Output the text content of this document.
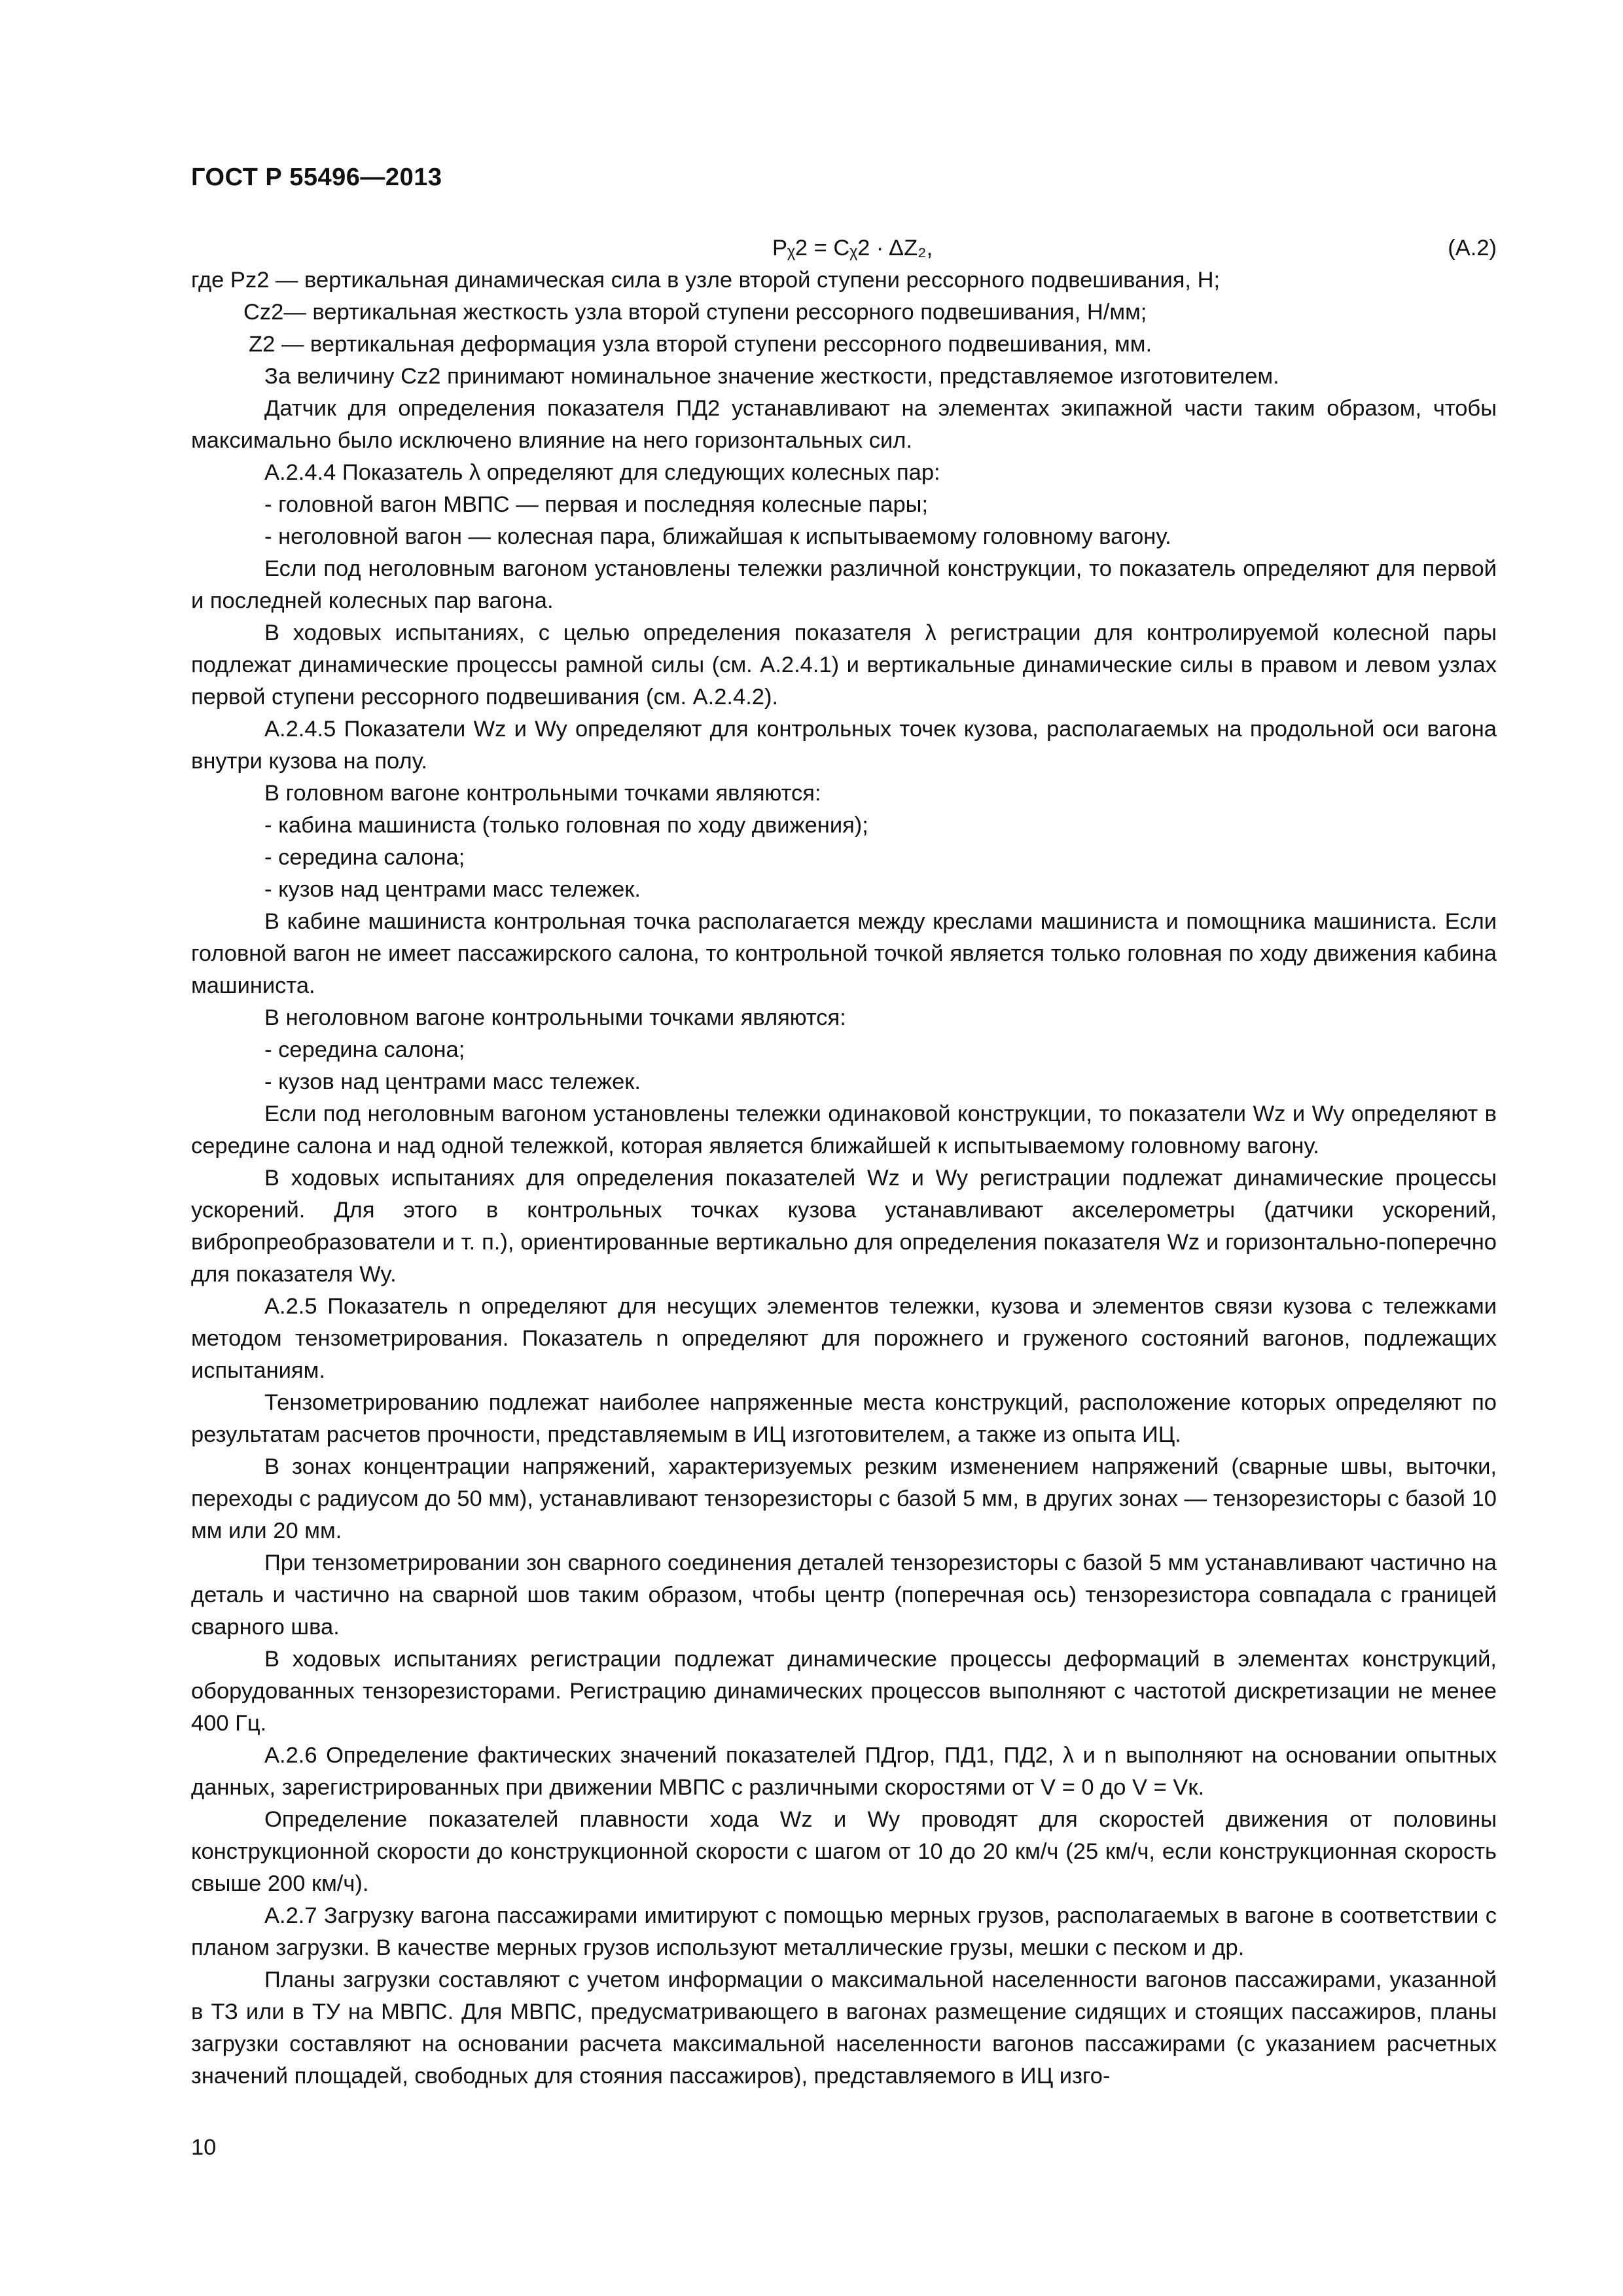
ГОСТ Р 55496—2013
Pᵪ2 = Cᵪ2 · ΔZ₂,	(А.2)
где Pz2 — вертикальная динамическая сила в узле второй ступени рессорного подвешивания, Н;
Cz2— вертикальная жесткость узла второй ступени рессорного подвешивания, Н/мм;
Z2 — вертикальная деформация узла второй ступени рессорного подвешивания, мм.
За величину Cz2 принимают номинальное значение жесткости, представляемое изготовителем.
Датчик для определения показателя ПД2 устанавливают на элементах экипажной части таким образом, чтобы максимально было исключено влияние на него горизонтальных сил.
А.2.4.4 Показатель λ определяют для следующих колесных пар:
- головной вагон МВПС — первая и последняя колесные пары;
- неголовной вагон — колесная пара, ближайшая к испытываемому головному вагону.
Если под неголовным вагоном установлены тележки различной конструкции, то показатель определяют для первой и последней колесных пар вагона.
В ходовых испытаниях, с целью определения показателя λ регистрации для контролируемой колесной пары подлежат динамические процессы рамной силы (см. А.2.4.1) и вертикальные динамические силы в правом и левом узлах первой ступени рессорного подвешивания (см. А.2.4.2).
А.2.4.5 Показатели Wz и Wy определяют для контрольных точек кузова, располагаемых на продольной оси вагона внутри кузова на полу.
В головном вагоне контрольными точками являются:
- кабина машиниста (только головная по ходу движения);
- середина салона;
- кузов над центрами масс тележек.
В кабине машиниста контрольная точка располагается между креслами машиниста и помощника машиниста. Если головной вагон не имеет пассажирского салона, то контрольной точкой является только головная по ходу движения кабина машиниста.
В неголовном вагоне контрольными точками являются:
- середина салона;
- кузов над центрами масс тележек.
Если под неголовным вагоном установлены тележки одинаковой конструкции, то показатели Wz и Wy определяют в середине салона и над одной тележкой, которая является ближайшей к испытываемому головному вагону.
В ходовых испытаниях для определения показателей Wz и Wy регистрации подлежат динамические процессы ускорений. Для этого в контрольных точках кузова устанавливают акселерометры (датчики ускорений, вибропреобразователи и т. п.), ориентированные вертикально для определения показателя Wz и горизонтально-поперечно для показателя Wy.
А.2.5 Показатель n определяют для несущих элементов тележки, кузова и элементов связи кузова с тележками методом тензометрирования. Показатель n определяют для порожнего и груженого состояний вагонов, подлежащих испытаниям.
Тензометрированию подлежат наиболее напряженные места конструкций, расположение которых определяют по результатам расчетов прочности, представляемым в ИЦ изготовителем, а также из опыта ИЦ.
В зонах концентрации напряжений, характеризуемых резким изменением напряжений (сварные швы, выточки, переходы с радиусом до 50 мм), устанавливают тензорезисторы с базой 5 мм, в других зонах — тензорезисторы с базой 10 мм или 20 мм.
При тензометрировании зон сварного соединения деталей тензорезисторы с базой 5 мм устанавливают частично на деталь и частично на сварной шов таким образом, чтобы центр (поперечная ось) тензорезистора совпадала с границей сварного шва.
В ходовых испытаниях регистрации подлежат динамические процессы деформаций в элементах конструкций, оборудованных тензорезисторами. Регистрацию динамических процессов выполняют с частотой дискретизации не менее 400 Гц.
А.2.6 Определение фактических значений показателей ПДгор, ПД1, ПД2, λ и n выполняют на основании опытных данных, зарегистрированных при движении МВПС с различными скоростями от V = 0 до V = Vк.
Определение показателей плавности хода Wz и Wy проводят для скоростей движения от половины конструкционной скорости до конструкционной скорости с шагом от 10 до 20 км/ч (25 км/ч, если конструкционная скорость свыше 200 км/ч).
А.2.7 Загрузку вагона пассажирами имитируют с помощью мерных грузов, располагаемых в вагоне в соответствии с планом загрузки. В качестве мерных грузов используют металлические грузы, мешки с песком и др.
Планы загрузки составляют с учетом информации о максимальной населенности вагонов пассажирами, указанной в ТЗ или в ТУ на МВПС. Для МВПС, предусматривающего в вагонах размещение сидящих и стоящих пассажиров, планы загрузки составляют на основании расчета максимальной населенности вагонов пассажирами (с указанием расчетных значений площадей, свободных для стояния пассажиров), представляемого в ИЦ изго-
10
